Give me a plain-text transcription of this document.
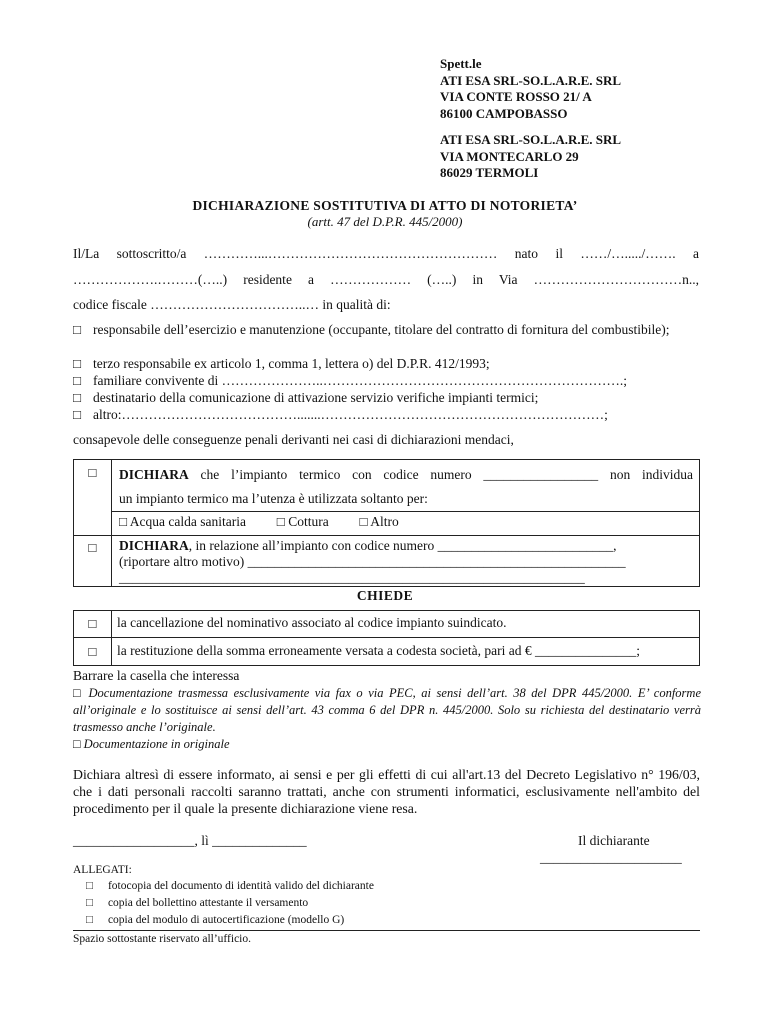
Spett.le
ATI ESA SRL-SO.L.A.R.E. SRL
VIA CONTE ROSSO 21/ A
86100 CAMPOBASSO
ATI ESA SRL-SO.L.A.R.E. SRL
VIA MONTECARLO 29
86029 TERMOLI
DICHIARAZIONE SOSTITUTIVA DI ATTO DI NOTORIETA’
(artt. 47 del D.P.R. 445/2000)
Il/La sottoscritto/a …………...…………………………………………… nato il ……/…...../……. a
……………….………(…..) residente a ……………… (…..) in Via ……………………………n..,
codice fiscale ……………………………..… in qualità di:
□ responsabile dell’esercizio e manutenzione (occupante, titolare del contratto di fornitura del combustibile);
□ terzo responsabile ex articolo 1, comma 1, lettera o) del D.P.R. 412/1993;
□ familiare convivente di …………………..………………………………………………………….;
□ destinatario della comunicazione di attivazione servizio verifiche impianti termici;
□ altro:………………………………….......………………………………………………………;
consapevole delle conseguenze penali derivanti nei casi di dichiarazioni mendaci,
□	DICHIARA che l’impianto termico con codice numero _________________ non individua
un impianto termico ma l’utenza è utilizzata soltanto per:

	□ Acqua calda sanitaria □ Cottura □ Altro
□	DICHIARA, in relazione all’impianto con codice numero __________________________,
(riportare altro motivo) ________________________________________________________
_____________________________________________________________________
CHIEDE
□	la cancellazione del nominativo associato al codice impianto suindicato.
□	la restituzione della somma erroneamente versata a codesta società, pari ad € _______________;
Barrare la casella che interessa
□ Documentazione trasmessa esclusivamente via fax o via PEC, ai sensi dell’art. 38 del DPR 445/2000. E’ conforme all’originale e lo sostituisce ai sensi dell’art. 43 comma 6 del DPR n. 445/2000. Solo su richiesta del destinatario verrà trasmesso anche l’originale.
□ Documentazione in originale
Dichiara altresì di essere informato, ai sensi e per gli effetti di cui all'art.13 del Decreto Legislativo n° 196/03, che i dati personali raccolti saranno trattati, anche con strumenti informatici, esclusivamente nell'ambito del procedimento per il quale la presente dichiarazione viene resa.
__________________, lì ______________	Il dichiarante
_____________________
ALLEGATI:
□ fotocopia del documento di identità valido del dichiarante
□ copia del bollettino attestante il versamento
□ copia del modulo di autocertificazione (modello G)
Spazio sottostante riservato all’ufficio.
